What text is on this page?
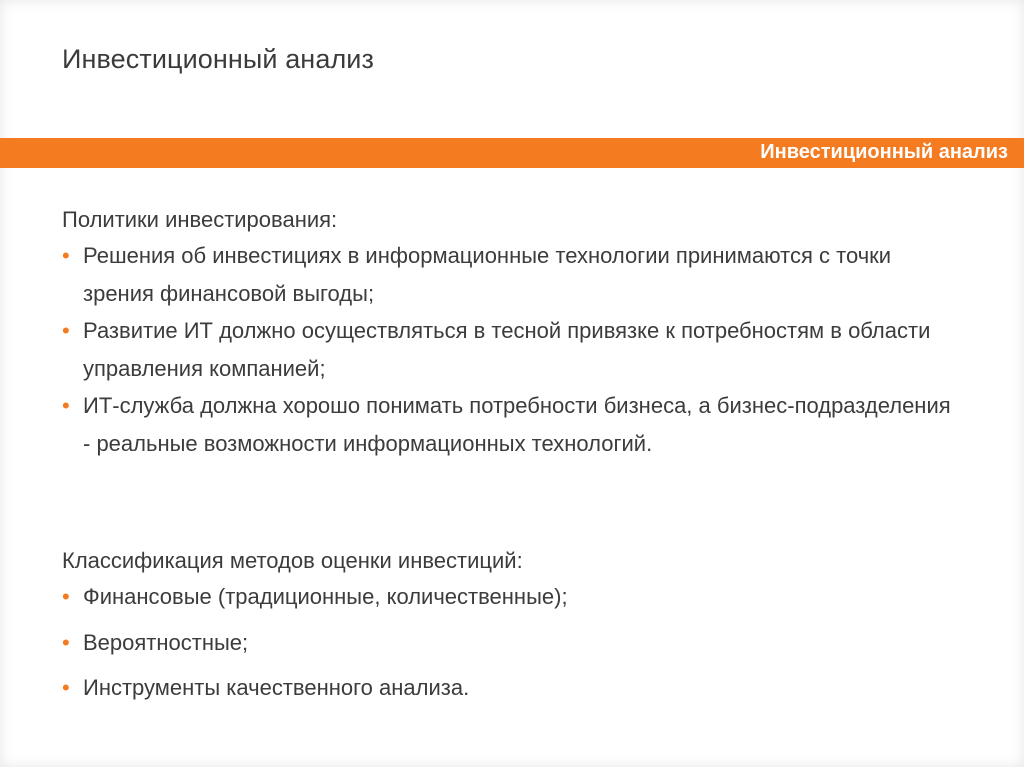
Инвестиционный анализ
Инвестиционный анализ
Политики инвестирования:
• Решения об инвестициях в информационные технологии принимаются с точки зрения финансовой выгоды;
• Развитие ИТ должно осуществляться в тесной привязке к потребностям в области управления компанией;
• ИТ-служба должна хорошо понимать потребности бизнеса, а бизнес-подразделения - реальные возможности информационных технологий.
Классификация методов оценки инвестиций:
• Финансовые (традиционные, количественные);
• Вероятностные;
• Инструменты качественного анализа.
